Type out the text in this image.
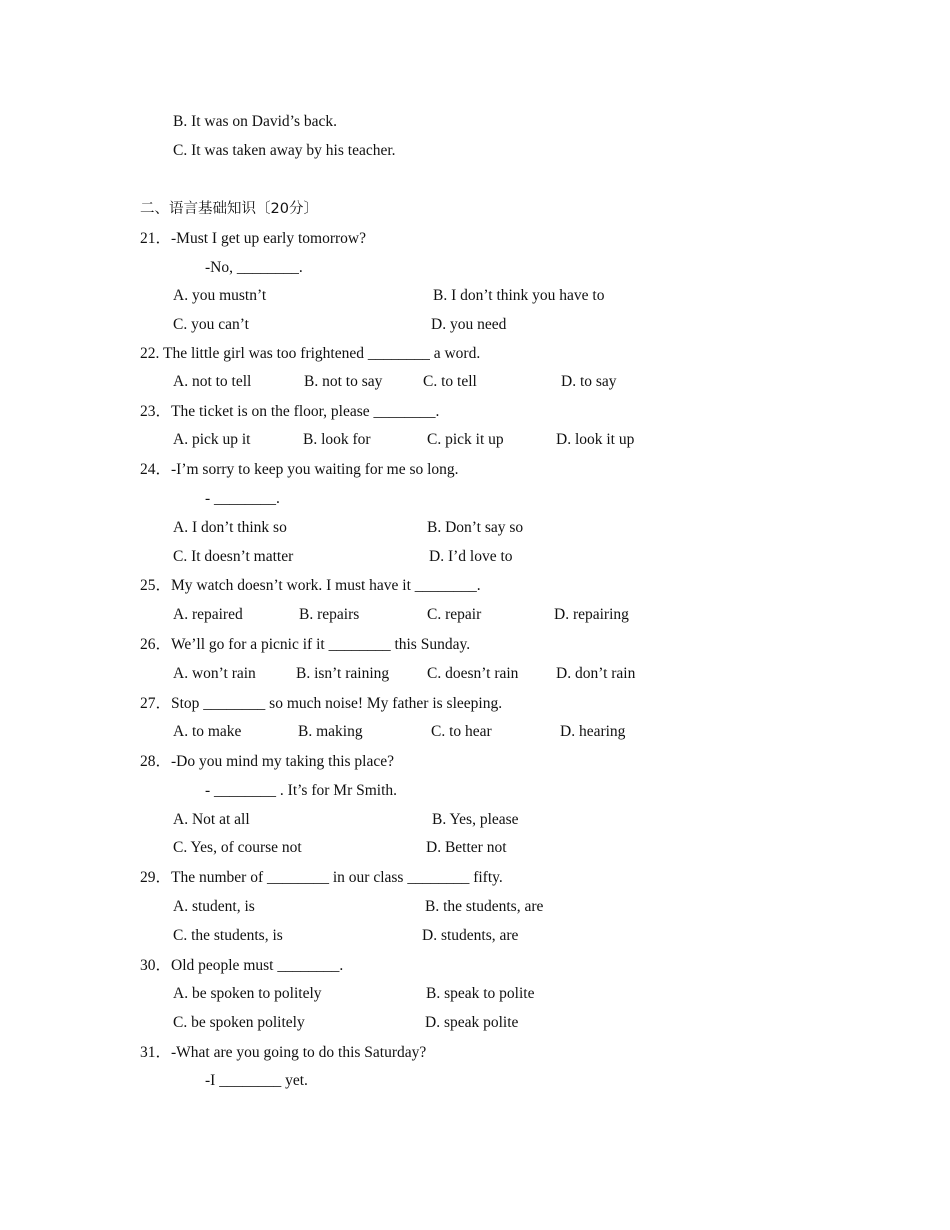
B. It was on David’s back.
C. It was taken away by his teacher.
二、语言基础知识〔20分〕
21．-Must I get up early tomorrow?
-No, ________.
A. you mustn’t	B. I don’t think you have to
C. you can’t	D. you need
22. The little girl was too frightened ________ a word.
A. not to tell	B. not to say	C. to tell	D. to say
23．The ticket is on the floor, please ________.
A. pick up it	B. look for	C. pick it up	D. look it up
24．-I’m sorry to keep you waiting for me so long.
- ________.
A. I don’t think so	B. Don’t say so
C. It doesn’t matter	D. I’d love to
25．My watch doesn’t work. I must have it ________.
A. repaired	B. repairs	C. repair	D. repairing
26．We’ll go for a picnic if it ________ this Sunday.
A. won’t rain	B. isn’t raining C. doesn’t rain D. don’t rain
27．Stop ________ so much noise! My father is sleeping.
A. to make	B. making	C. to hear	D. hearing
28．-Do you mind my taking this place?
- ________ . It’s for Mr Smith.
A. Not at all	B. Yes, please
C. Yes, of course not	D. Better not
29．The number of ________ in our class ________ fifty.
A. student, is	B. the students, are
C. the students, is	D. students, are
30．Old people must ________.
A. be spoken to politely	B. speak to polite
C. be spoken politely	D. speak polite
31．-What are you going to do this Saturday?
-I ________ yet.
